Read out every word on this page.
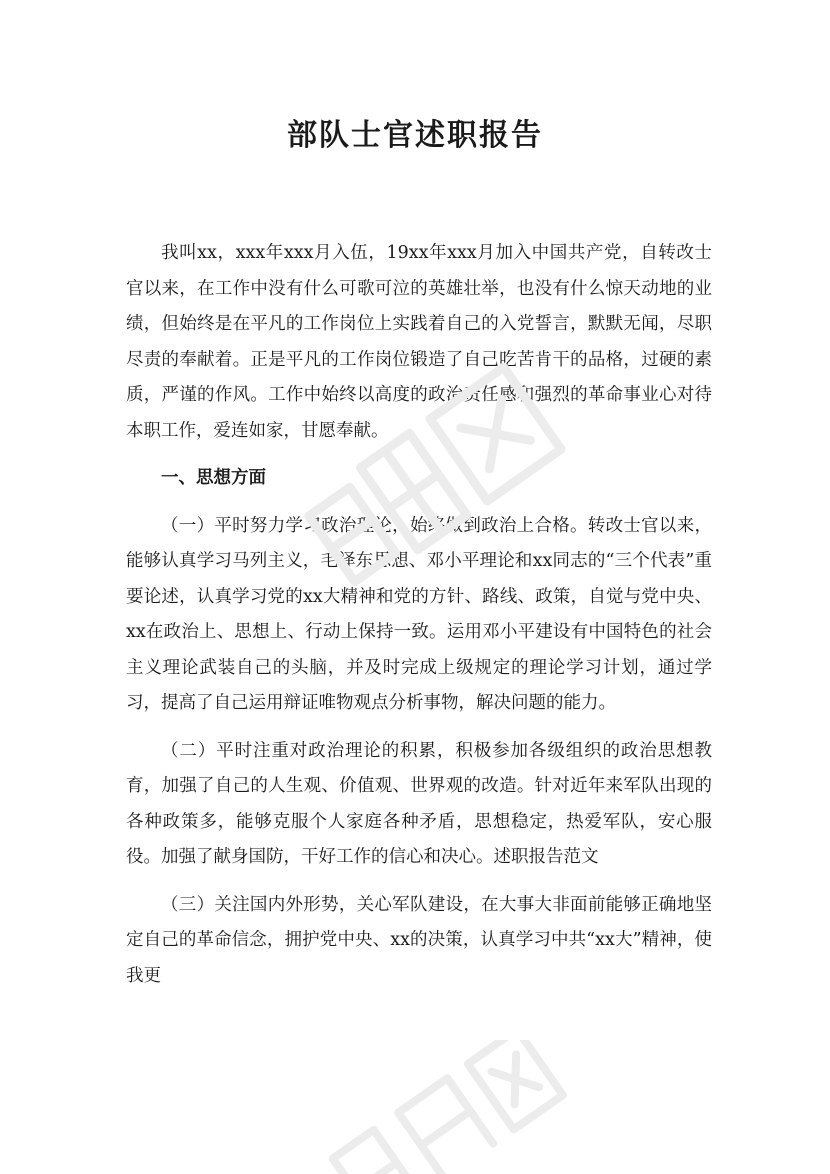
部队士官述职报告

我叫xx，xxx年xxx月入伍，19xx年xxx月加入中国共产党，自转改士官以来，在工作中没有什么可歌可泣的英雄壮举，也没有什么惊天动地的业绩，但始终是在平凡的工作岗位上实践着自己的入党誓言，默默无闻，尽职尽责的奉献着。正是平凡的工作岗位锻造了自己吃苦肯干的品格，过硬的素质，严谨的作风。工作中始终以高度的政治责任感和强烈的革命事业心对待本职工作，爱连如家，甘愿奉献。

一、思想方面

（一）平时努力学习政治理论，始终做到政治上合格。转改士官以来，能够认真学习马列主义，毛泽东思想、邓小平理论和xx同志的“三个代表”重要论述，认真学习党的xx大精神和党的方针、路线、政策，自觉与党中央、xx在政治上、思想上、行动上保持一致。运用邓小平建设有中国特色的社会主义理论武装自己的头脑，并及时完成上级规定的理论学习计划，通过学习，提高了自己运用辩证唯物观点分析事物，解决问题的能力。

（二）平时注重对政治理论的积累，积极参加各级组织的政治思想教育，加强了自己的人生观、价值观、世界观的改造。针对近年来军队出现的各种政策多，能够克服个人家庭各种矛盾，思想稳定，热爱军队，安心服役。加强了献身国防，干好工作的信心和决心。述职报告范文

（三）关注国内外形势，关心军队建设，在大事大非面前能够正确地坚定自己的革命信念，拥护党中央、xx的决策，认真学习中共“xx大”精神，使我更
